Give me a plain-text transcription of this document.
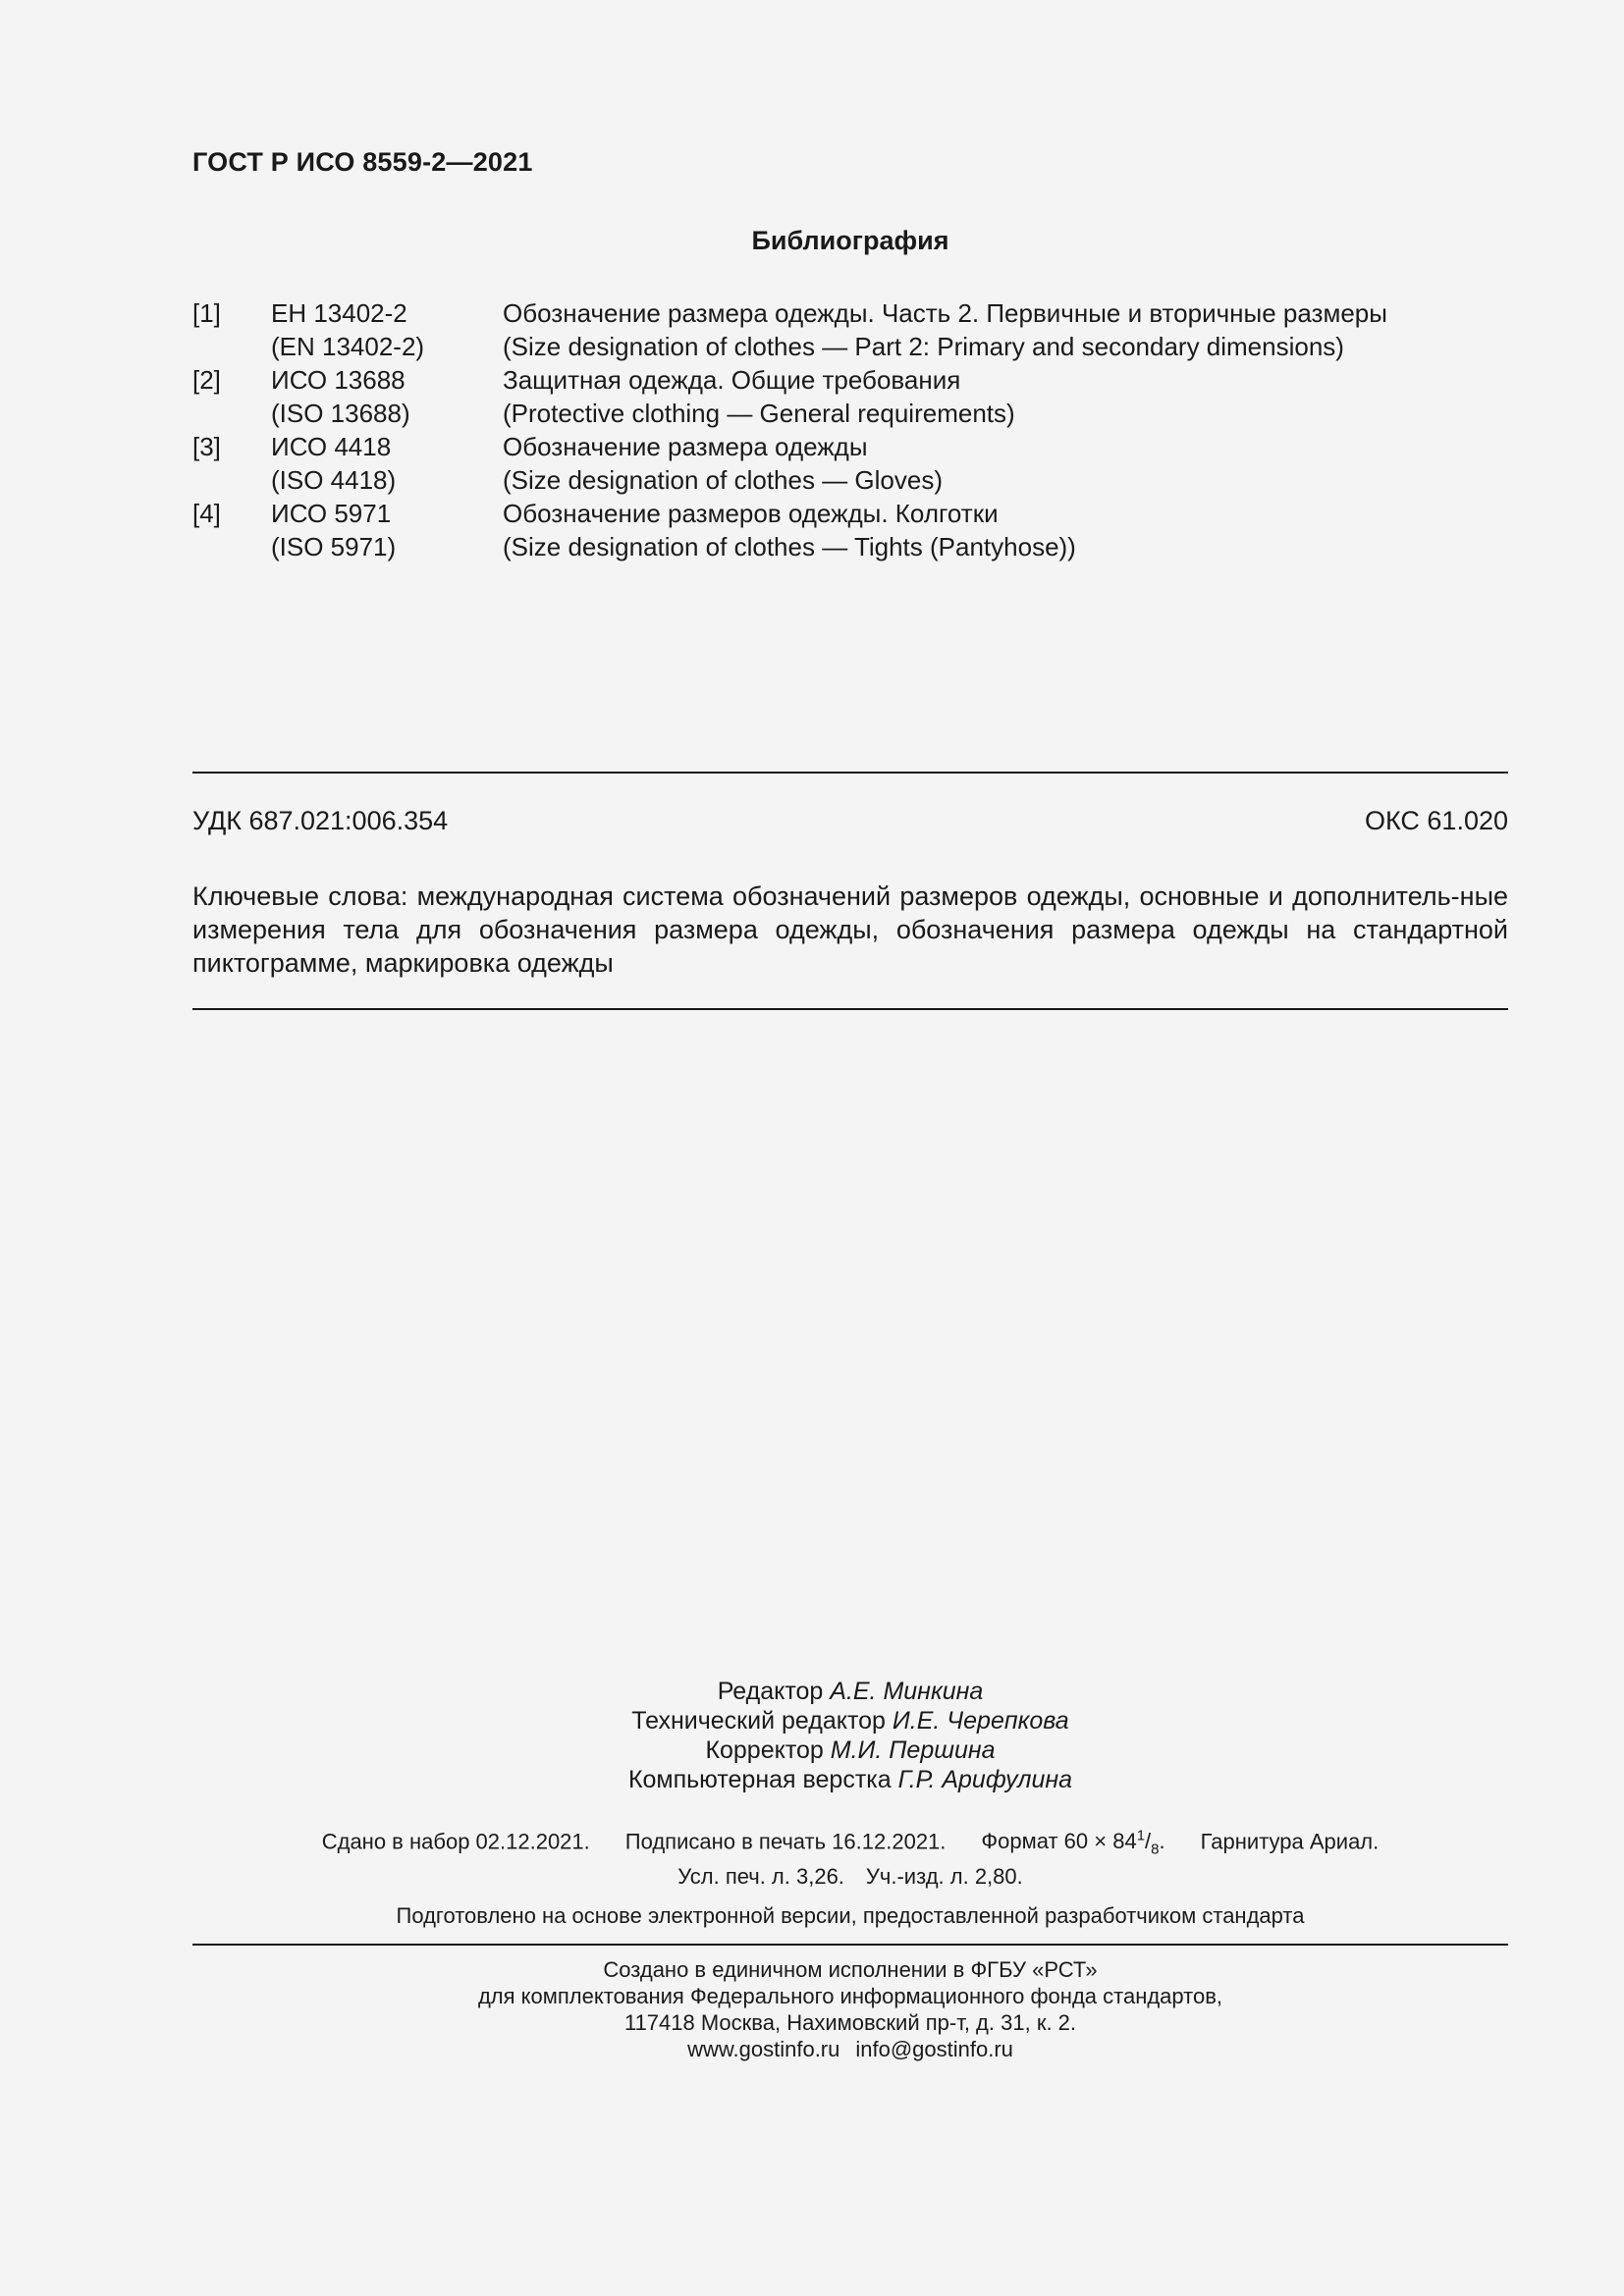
ГОСТ Р ИСО 8559-2—2021
Библиография
[1] ЕН 13402-2
(EN 13402-2)
Обозначение размера одежды. Часть 2. Первичные и вторичные размеры
(Size designation of clothes — Part 2: Primary and secondary dimensions)
[2] ИСО 13688
(ISO 13688)
Защитная одежда. Общие требования
(Protective clothing — General requirements)
[3] ИСО 4418
(ISO 4418)
Обозначение размера одежды
(Size designation of clothes — Gloves)
[4] ИСО 5971
(ISO 5971)
Обозначение размеров одежды. Колготки
(Size designation of clothes — Tights (Pantyhose))
УДК 687.021:006.354	ОКС 61.020
Ключевые слова: международная система обозначений размеров одежды, основные и дополнитель-ные измерения тела для обозначения размера одежды, обозначения размера одежды на стандартной пиктограмме, маркировка одежды
Редактор А.Е. Минкина
Технический редактор И.Е. Черепкова
Корректор М.И. Першина
Компьютерная верстка Г.Р. Арифулина
Сдано в набор 02.12.2021. Подписано в печать 16.12.2021. Формат $60 \times 84^1/_8$. Гарнитура Ариал.
Усл. печ. л. 3,26. Уч.-изд. л. 2,80.
Подготовлено на основе электронной версии, предоставленной разработчиком стандарта
Создано в единичном исполнении в ФГБУ «РСТ»
для комплектования Федерального информационного фонда стандартов,
117418 Москва, Нахимовский пр-т, д. 31, к. 2.
www.gostinfo.ru info@gostinfo.ru
